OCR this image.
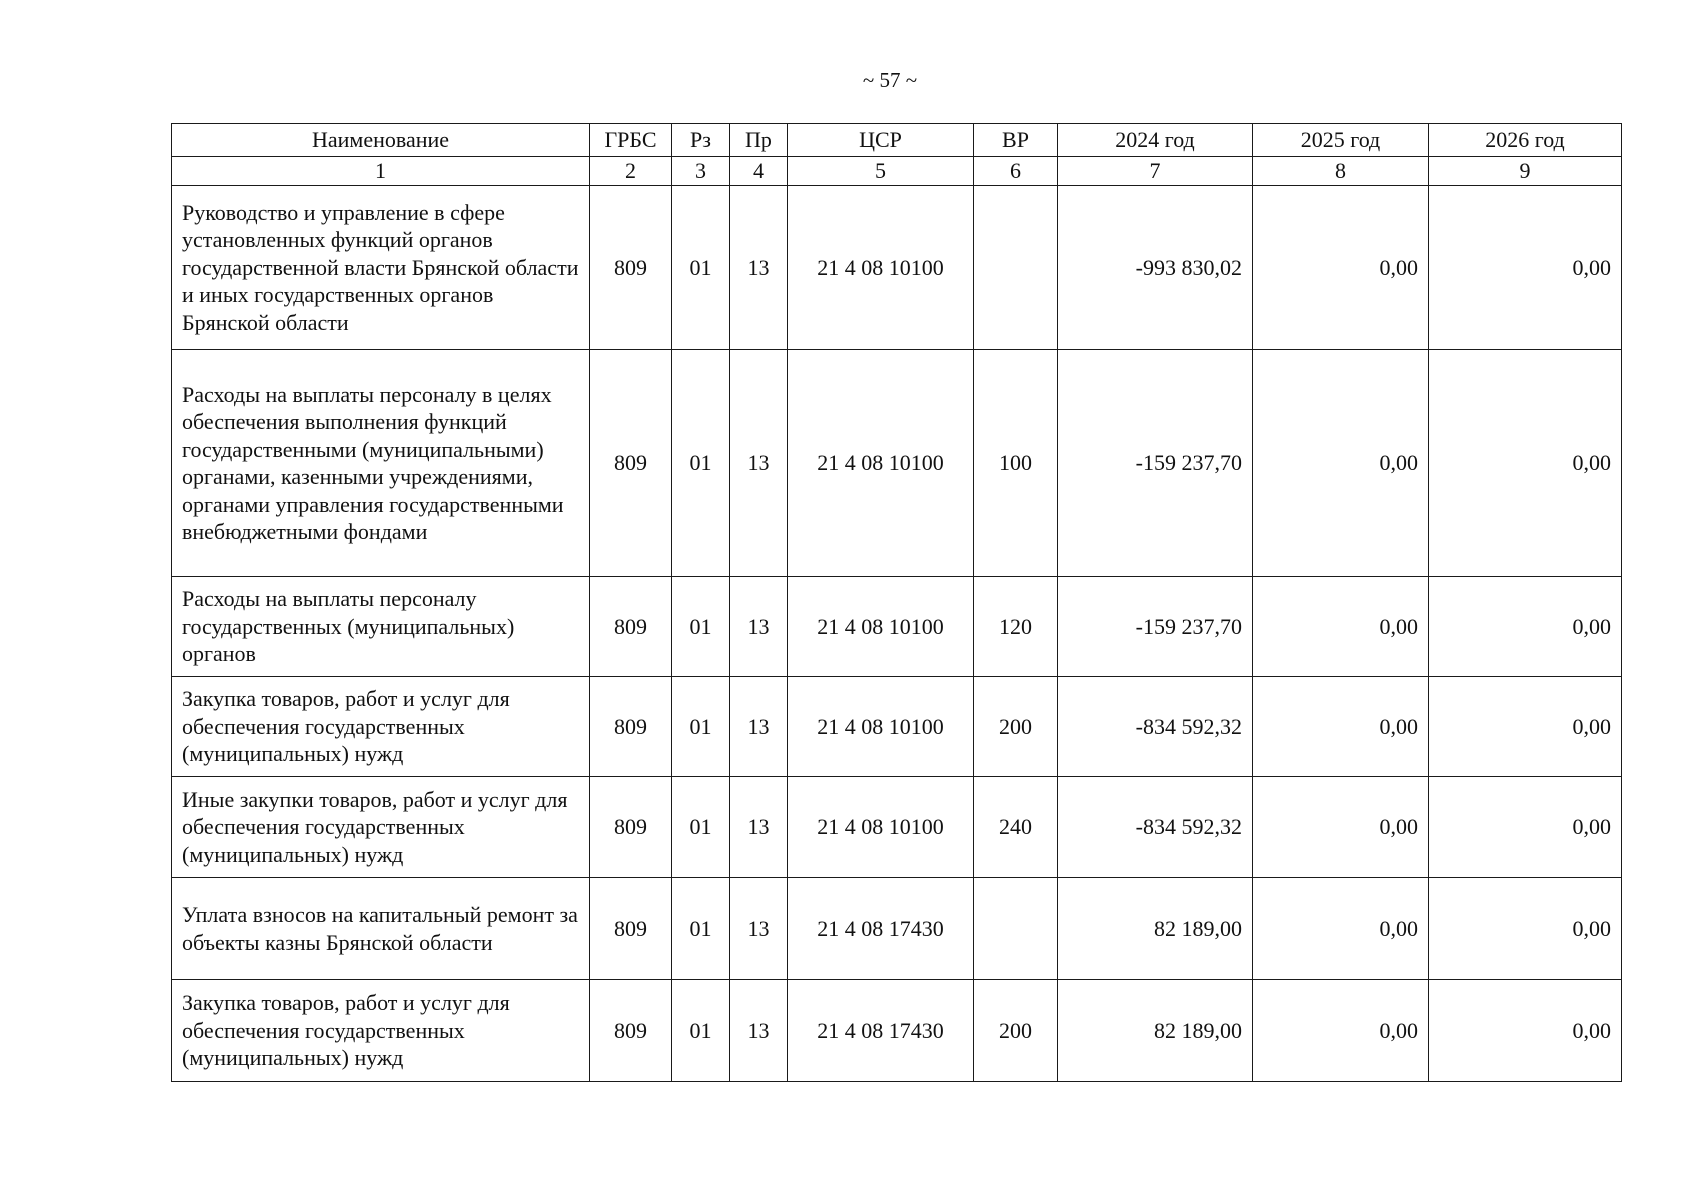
~ 57 ~
Наименование	ГРБС	Рз	Пр	ЦСР	ВР	2024 год	2025 год	2026 год
1	2	3	4	5	6	7	8	9
Руководство и управление в сфере установленных функций органов государственной власти Брянской области и иных государственных органов Брянской области	809	01	13	21 4 08 10100		-993 830,02	0,00	0,00
Расходы на выплаты персоналу в целях обеспечения выполнения функций государственными (муниципальными) органами, казенными учреждениями, органами управления государственными внебюджетными фондами	809	01	13	21 4 08 10100	100	-159 237,70	0,00	0,00
Расходы на выплаты персоналу государственных (муниципальных) органов	809	01	13	21 4 08 10100	120	-159 237,70	0,00	0,00
Закупка товаров, работ и услуг для обеспечения государственных (муниципальных) нужд	809	01	13	21 4 08 10100	200	-834 592,32	0,00	0,00
Иные закупки товаров, работ и услуг для обеспечения государственных (муниципальных) нужд	809	01	13	21 4 08 10100	240	-834 592,32	0,00	0,00
Уплата взносов на капитальный ремонт за объекты казны Брянской области	809	01	13	21 4 08 17430		82 189,00	0,00	0,00
Закупка товаров, работ и услуг для обеспечения государственных (муниципальных) нужд	809	01	13	21 4 08 17430	200	82 189,00	0,00	0,00
